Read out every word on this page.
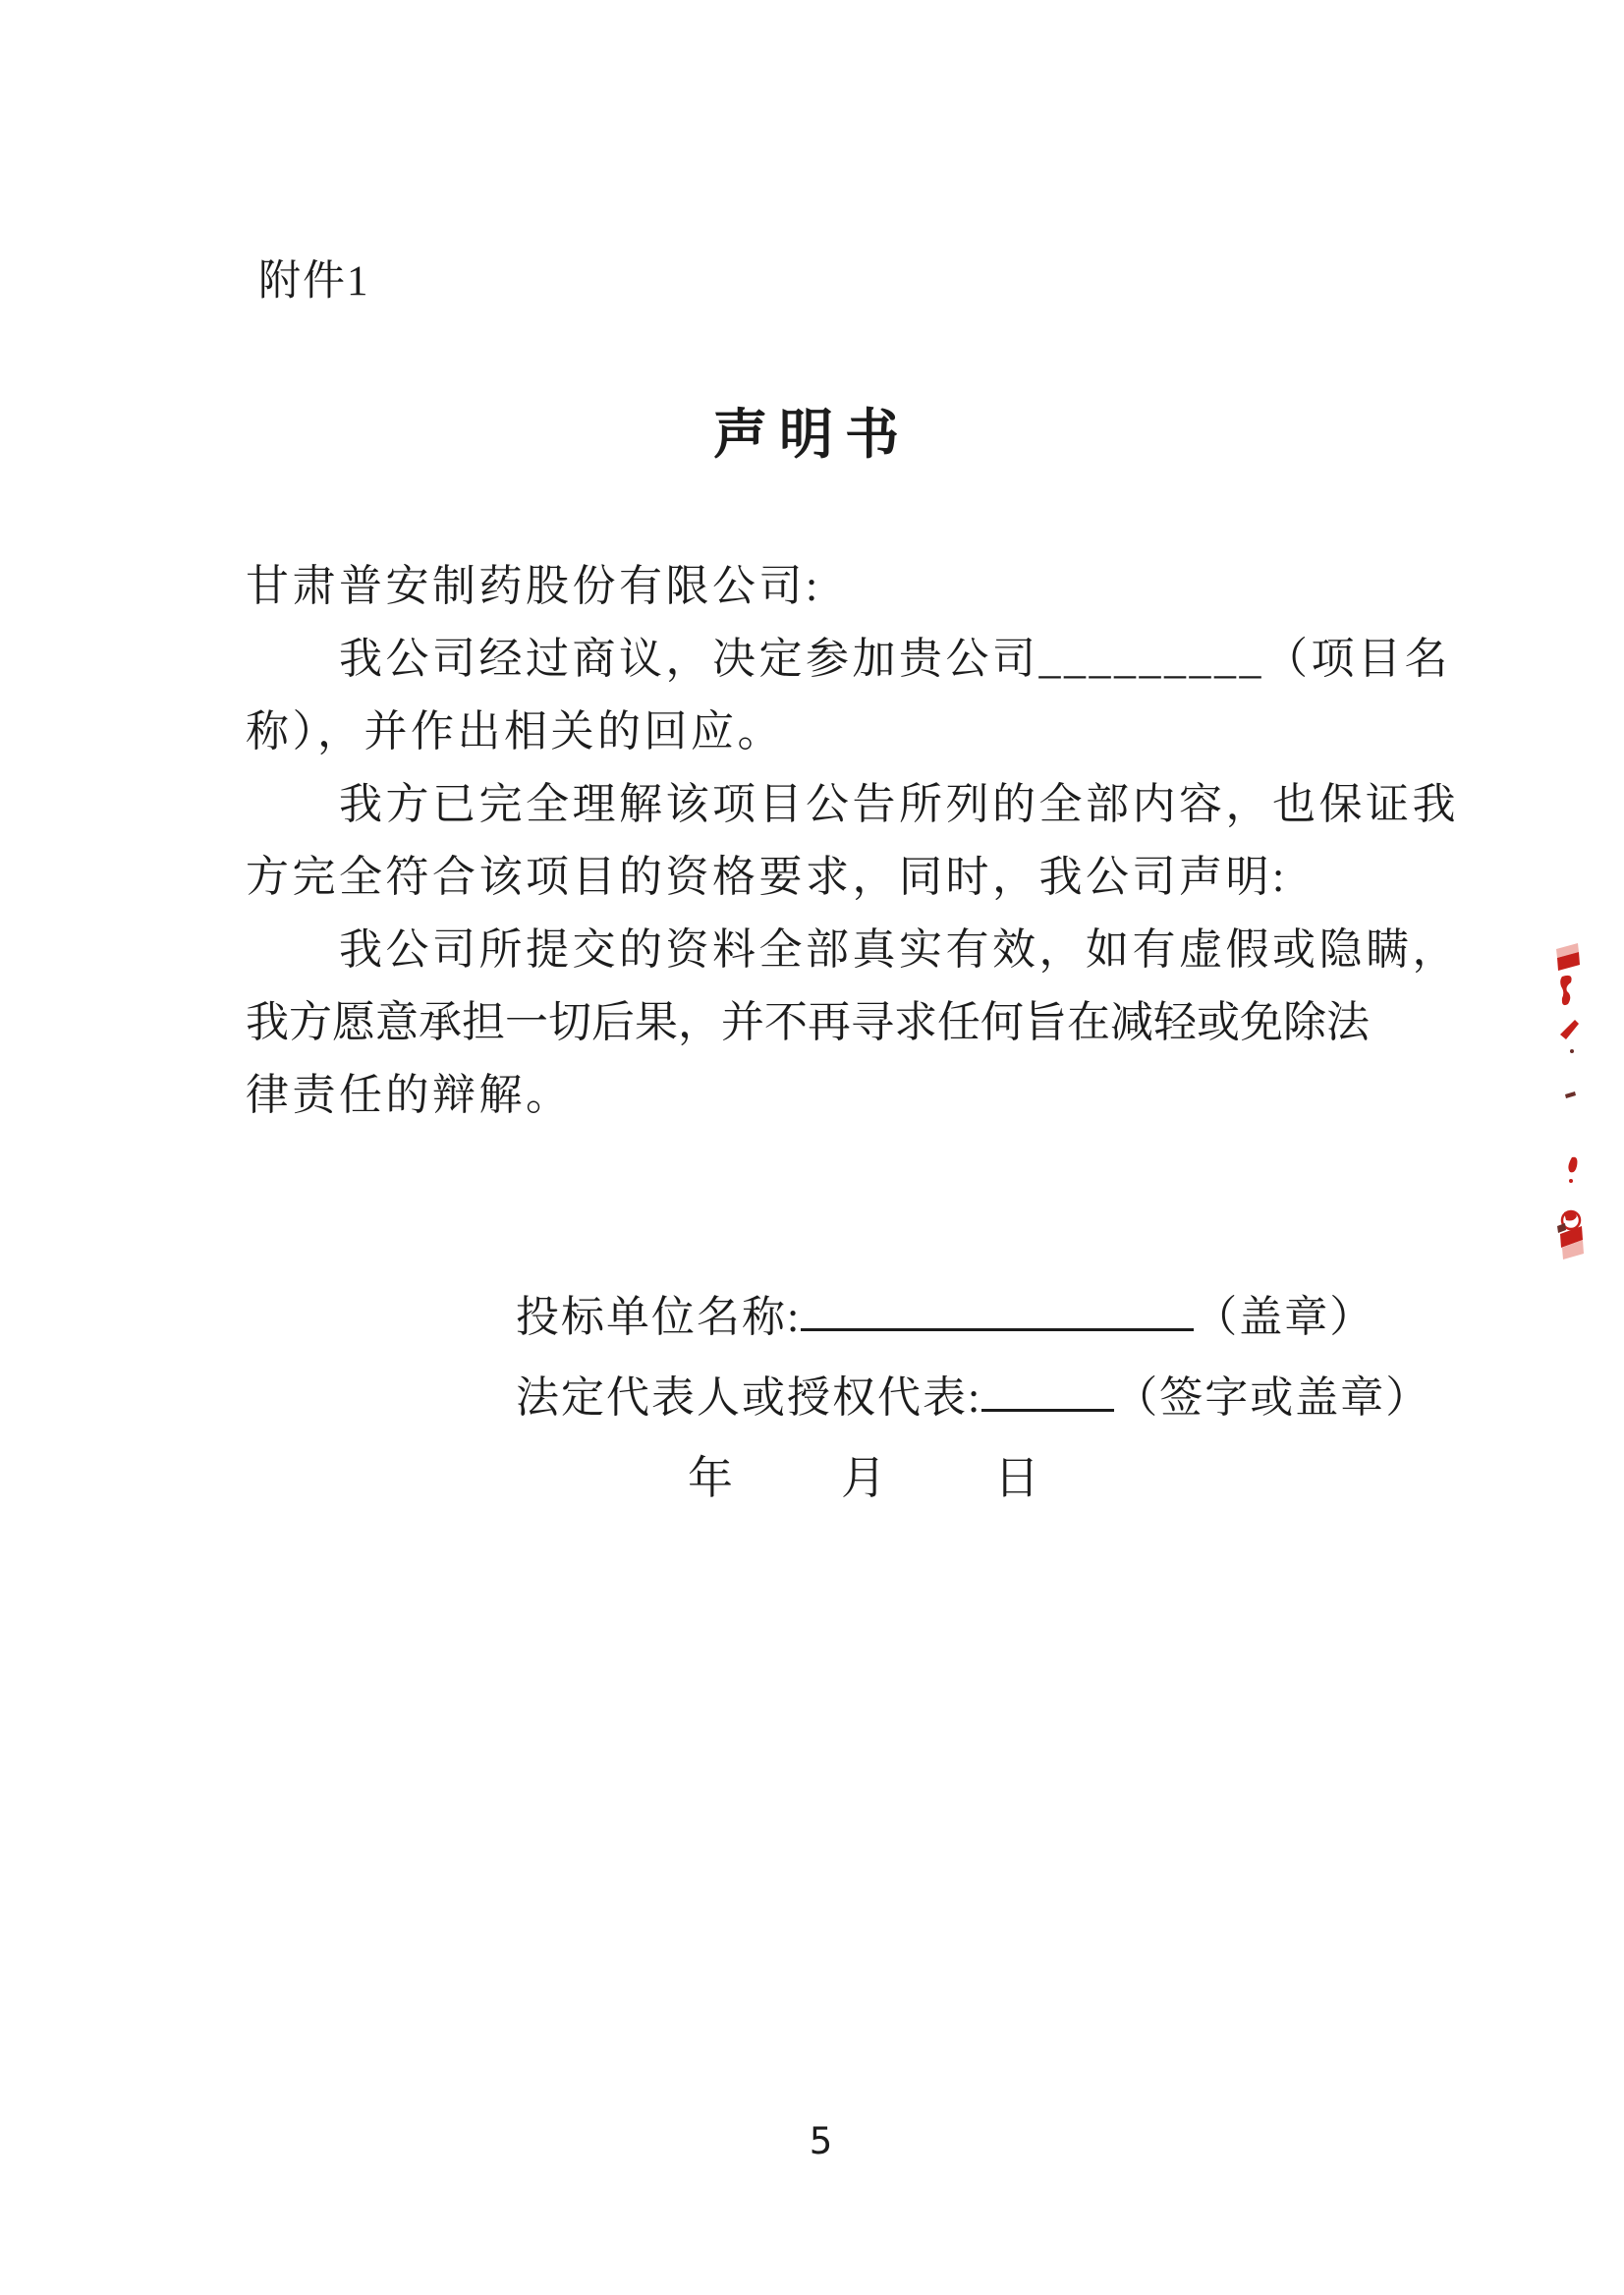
附件1
声明书
甘肃普安制药股份有限公司:
我公司经过商议，决定参加贵公司_________（项目名
称），并作出相关的回应。
我方已完全理解该项目公告所列的全部内容，也保证我
方完全符合该项目的资格要求，同时，我公司声明:
我公司所提交的资料全部真实有效，如有虚假或隐瞒，
我方愿意承担一切后果，并不再寻求任何旨在减轻或免除法
律责任的辩解。
投标单位名称:	（盖章）
法定代表人或授权代表:	（签字或盖章）
年　　月　　日
5
